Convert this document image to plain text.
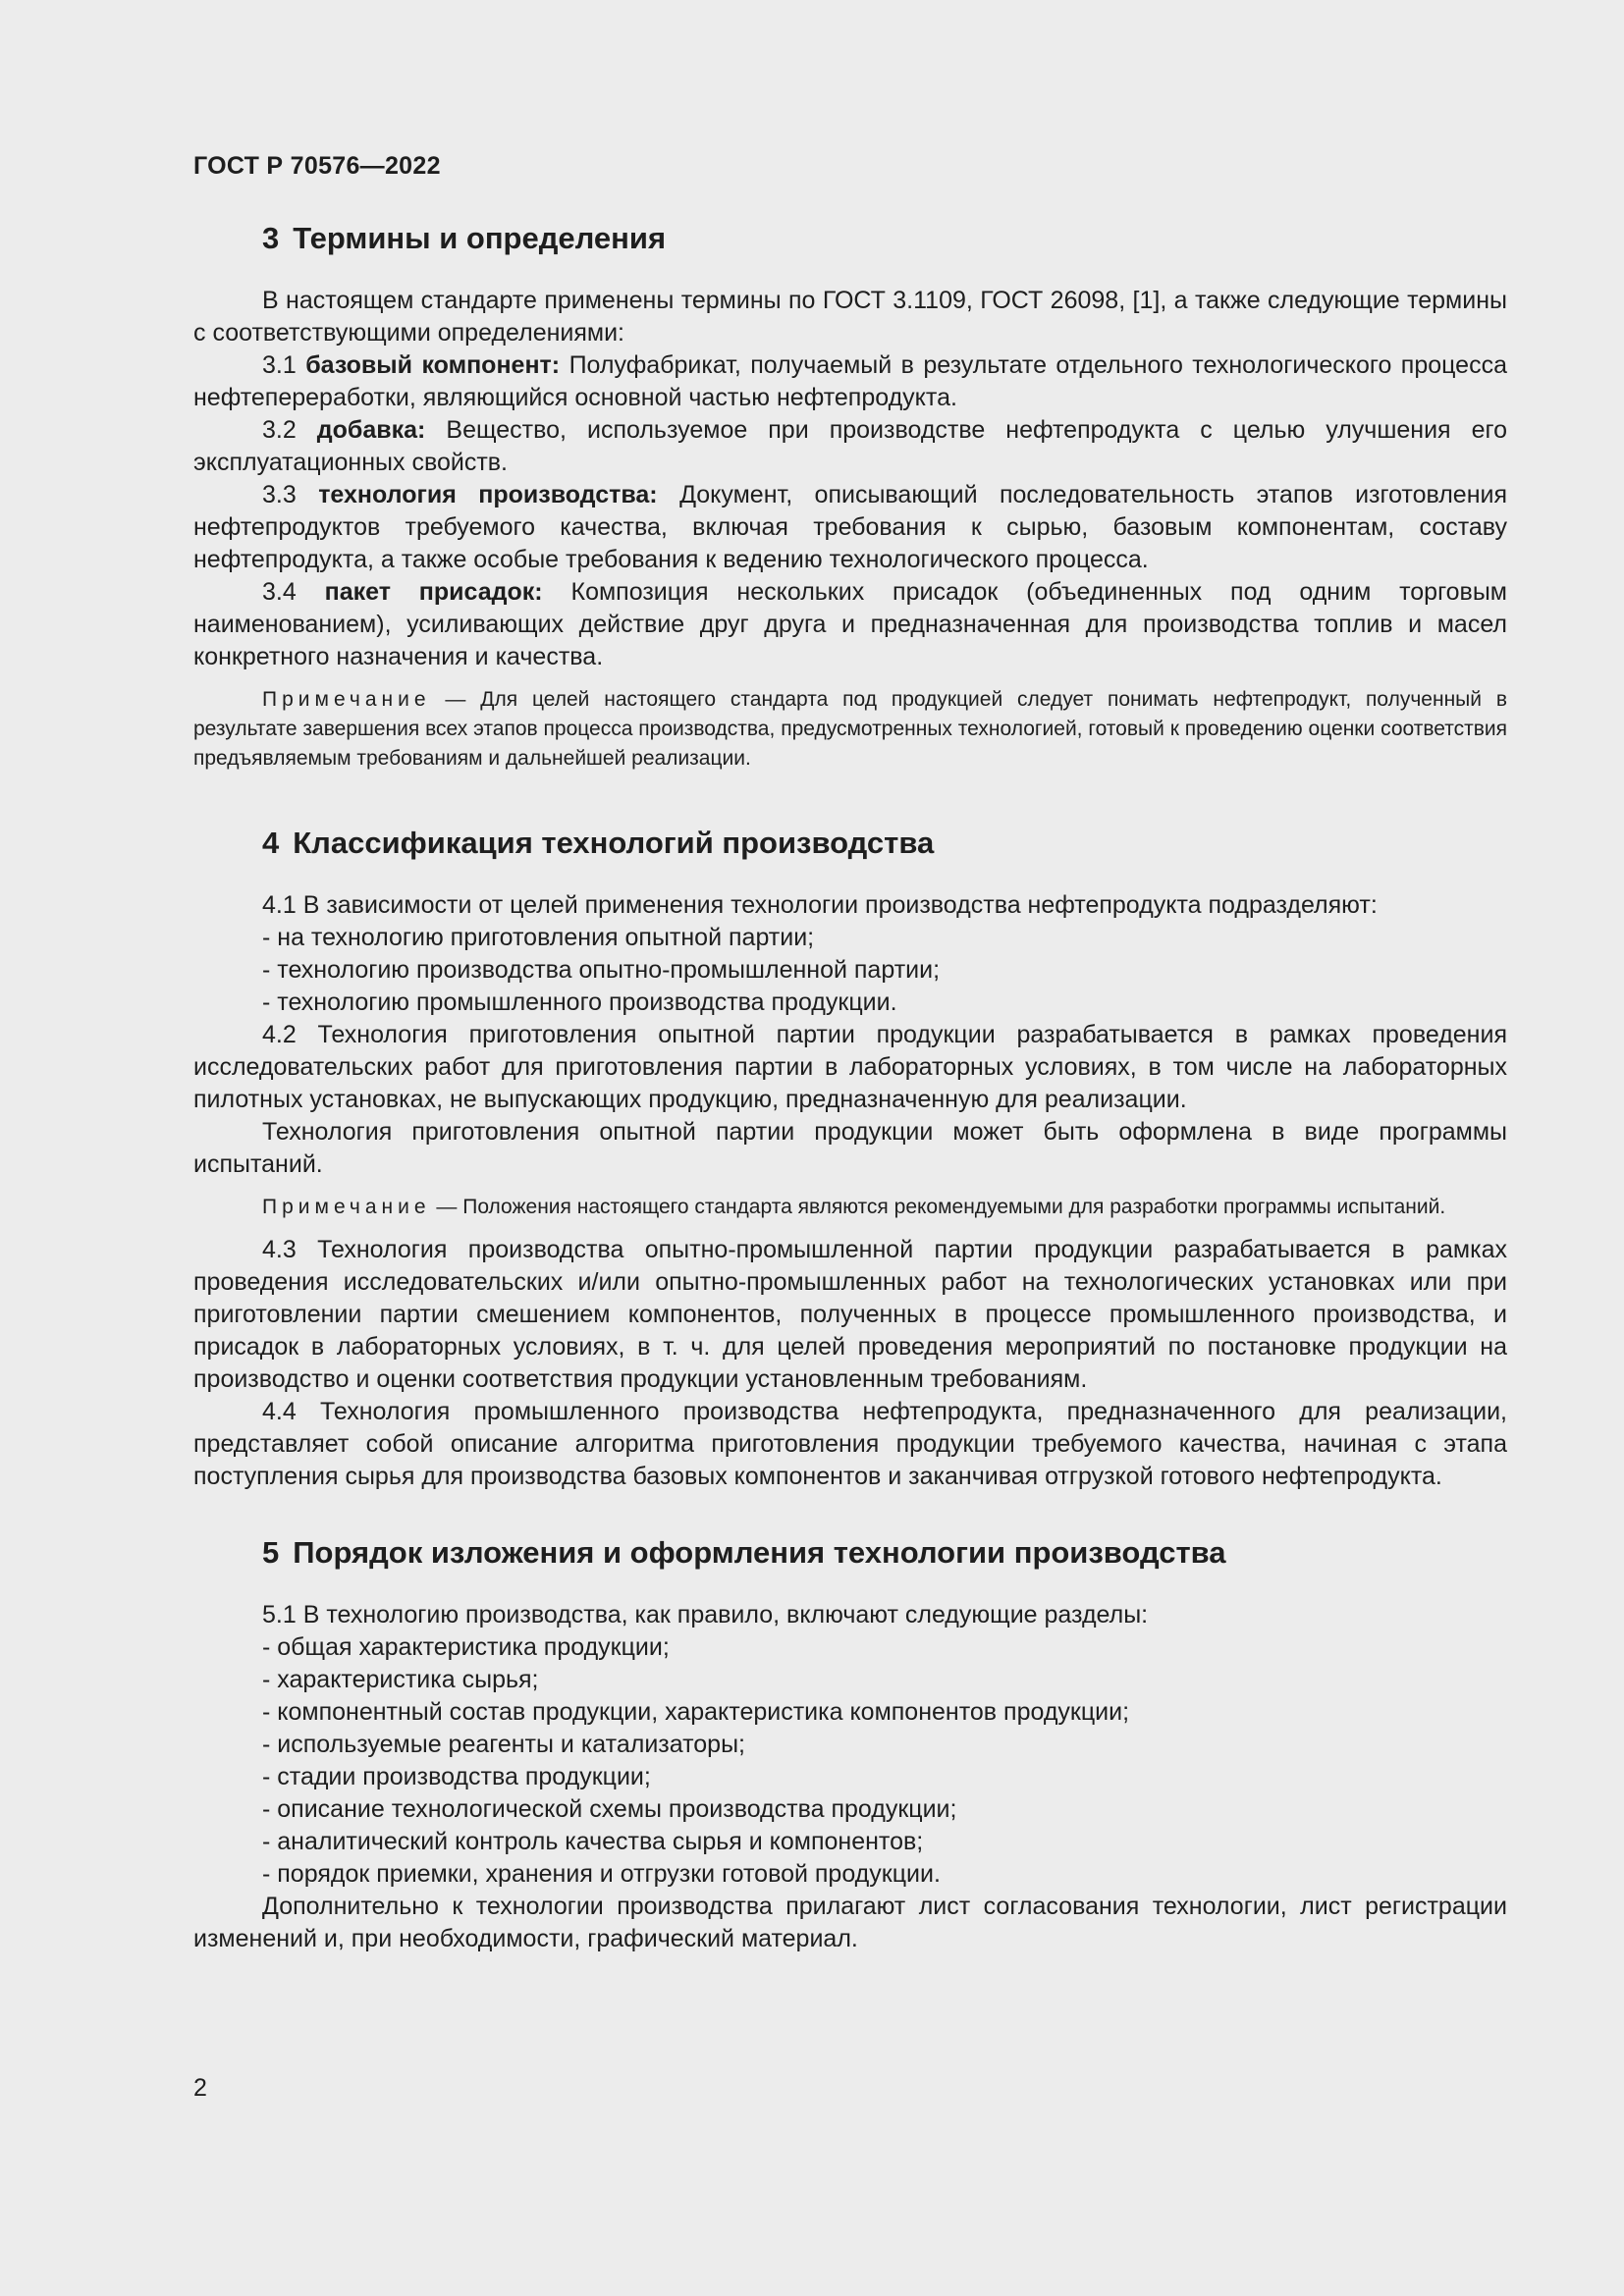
ГОСТ Р 70576—2022
3 Термины и определения

В настоящем стандарте применены термины по ГОСТ 3.1109, ГОСТ 26098, [1], а также следующие термины с соответствующими определениями:

3.1 базовый компонент: Полуфабрикат, получаемый в результате отдельного технологического процесса нефтепереработки, являющийся основной частью нефтепродукта.

3.2 добавка: Вещество, используемое при производстве нефтепродукта с целью улучшения его эксплуатационных свойств.

3.3 технология производства: Документ, описывающий последовательность этапов изготовления нефтепродуктов требуемого качества, включая требования к сырью, базовым компонентам, составу нефтепродукта, а также особые требования к ведению технологического процесса.

3.4 пакет присадок: Композиция нескольких присадок (объединенных под одним торговым наименованием), усиливающих действие друг друга и предназначенная для производства топлив и масел конкретного назначения и качества.

Примечание — Для целей настоящего стандарта под продукцией следует понимать нефтепродукт, полученный в результате завершения всех этапов процесса производства, предусмотренных технологией, готовый к проведению оценки соответствия предъявляемым требованиям и дальнейшей реализации.

4 Классификация технологий производства

4.1 В зависимости от целей применения технологии производства нефтепродукта подразделяют:

- на технологию приготовления опытной партии;

- технологию производства опытно-промышленной партии;

- технологию промышленного производства продукции.

4.2 Технология приготовления опытной партии продукции разрабатывается в рамках проведения исследовательских работ для приготовления партии в лабораторных условиях, в том числе на лабораторных пилотных установках, не выпускающих продукцию, предназначенную для реализации.

Технология приготовления опытной партии продукции может быть оформлена в виде программы испытаний.

Примечание — Положения настоящего стандарта являются рекомендуемыми для разработки программы испытаний.

4.3 Технология производства опытно-промышленной партии продукции разрабатывается в рамках проведения исследовательских и/или опытно-промышленных работ на технологических установках или при приготовлении партии смешением компонентов, полученных в процессе промышленного производства, и присадок в лабораторных условиях, в т. ч. для целей проведения мероприятий по постановке продукции на производство и оценки соответствия продукции установленным требованиям.

4.4 Технология промышленного производства нефтепродукта, предназначенного для реализации, представляет собой описание алгоритма приготовления продукции требуемого качества, начиная с этапа поступления сырья для производства базовых компонентов и заканчивая отгрузкой готового нефтепродукта.

5 Порядок изложения и оформления технологии производства

5.1 В технологию производства, как правило, включают следующие разделы:

- общая характеристика продукции;

- характеристика сырья;

- компонентный состав продукции, характеристика компонентов продукции;

- используемые реагенты и катализаторы;

- стадии производства продукции;

- описание технологической схемы производства продукции;

- аналитический контроль качества сырья и компонентов;

- порядок приемки, хранения и отгрузки готовой продукции.

Дополнительно к технологии производства прилагают лист согласования технологии, лист регистрации изменений и, при необходимости, графический материал.

2
